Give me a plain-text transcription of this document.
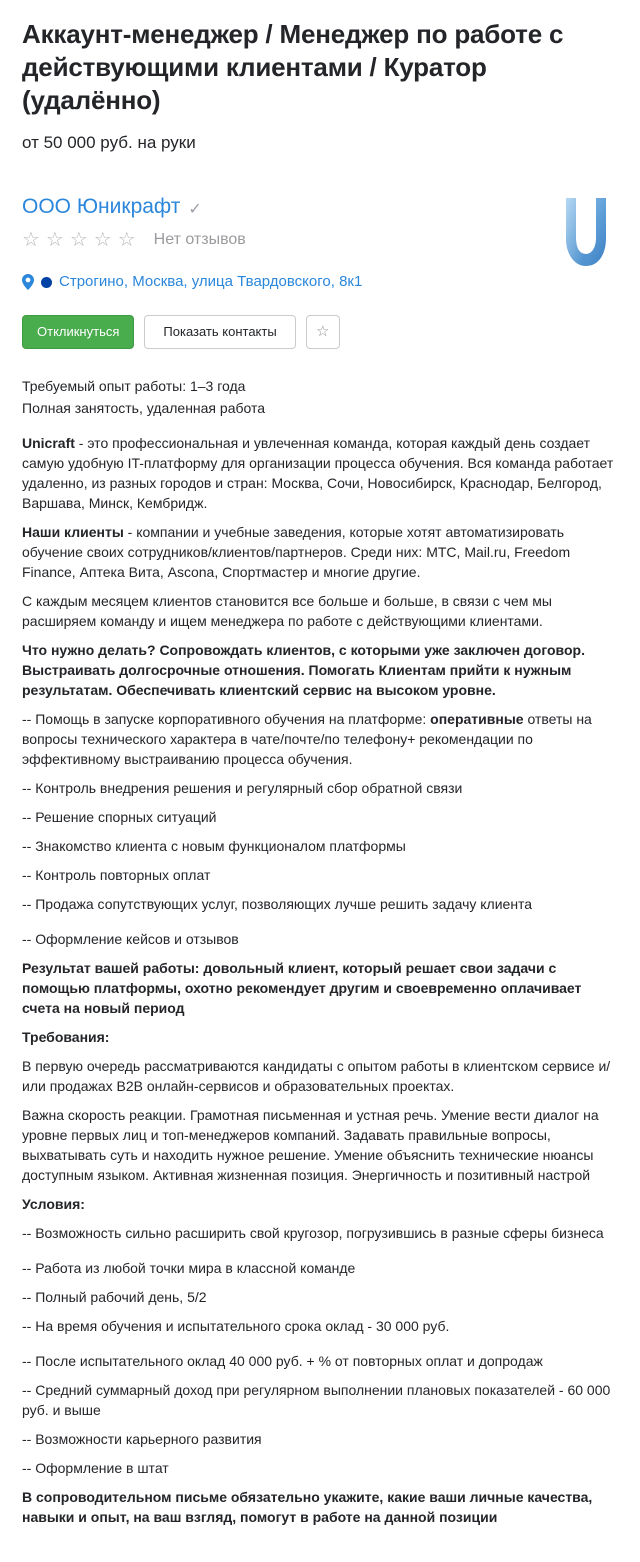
Аккаунт-менеджер / Менеджер по работе с действующими клиентами / Куратор (удалённо)
от 50 000 руб. на руки
ООО Юникрафт ✓
☆☆☆☆☆ Нет отзывов
Строгино, Москва, улица Твардовского, 8к1
Откликнуться	Показать контакты	☆
Требуемый опыт работы: 1–3 года
Полная занятость, удаленная работа

Unicraft - это профессиональная и увлеченная команда, которая каждый день создает самую удобную IT-платформу для организации процесса обучения. Вся команда работает удаленно, из разных городов и стран: Москва, Сочи, Новосибирск, Краснодар, Белгород, Варшава, Минск, Кембридж.

Наши клиенты - компании и учебные заведения, которые хотят автоматизировать обучение своих сотрудников/клиентов/партнеров. Среди них: МТС, Mail.ru, Freedom Finance, Аптека Вита, Ascona, Спортмастер и многие другие.

С каждым месяцем клиентов становится все больше и больше, в связи с чем мы расширяем команду и ищем менеджера по работе с действующими клиентами.

Что нужно делать? Сопровождать клиентов, с которыми уже заключен договор. Выстраивать долгосрочные отношения. Помогать Клиентам прийти к нужным результатам. Обеспечивать клиентский сервис на высоком уровне.

-- Помощь в запуске корпоративного обучения на платформе: оперативные ответы на вопросы технического характера в чате/почте/по телефону+ рекомендации по эффективному выстраиванию процесса обучения.

-- Контроль внедрения решения и регулярный сбор обратной связи

-- Решение спорных ситуаций

-- Знакомство клиента с новым функционалом платформы

-- Контроль повторных оплат

-- Продажа сопутствующих услуг, позволяющих лучше решить задачу клиента

-- Оформление кейсов и отзывов

Результат вашей работы: довольный клиент, который решает свои задачи с помощью платформы, охотно рекомендует другим и своевременно оплачивает счета на новый период

Требования:

В первую очередь рассматриваются кандидаты с опытом работы в клиентском сервисе и/или продажах B2B онлайн-сервисов и образовательных проектах.

Важна скорость реакции. Грамотная письменная и устная речь. Умение вести диалог на уровне первых лиц и топ-менеджеров компаний. Задавать правильные вопросы, выхватывать суть и находить нужное решение. Умение объяснить технические нюансы доступным языком. Активная жизненная позиция. Энергичность и позитивный настрой

Условия:

-- Возможность сильно расширить свой кругозор, погрузившись в разные сферы бизнеса

-- Работа из любой точки мира в классной команде

-- Полный рабочий день, 5/2

-- На время обучения и испытательного срока оклад - 30 000 руб.

-- После испытательного оклад 40 000 руб. + % от повторных оплат и допродаж

-- Средний суммарный доход при регулярном выполнении плановых показателей - 60 000 руб. и выше

-- Возможности карьерного развития

-- Оформление в штат

В сопроводительном письме обязательно укажите, какие ваши личные качества, навыки и опыт, на ваш взгляд, помогут в работе на данной позиции
